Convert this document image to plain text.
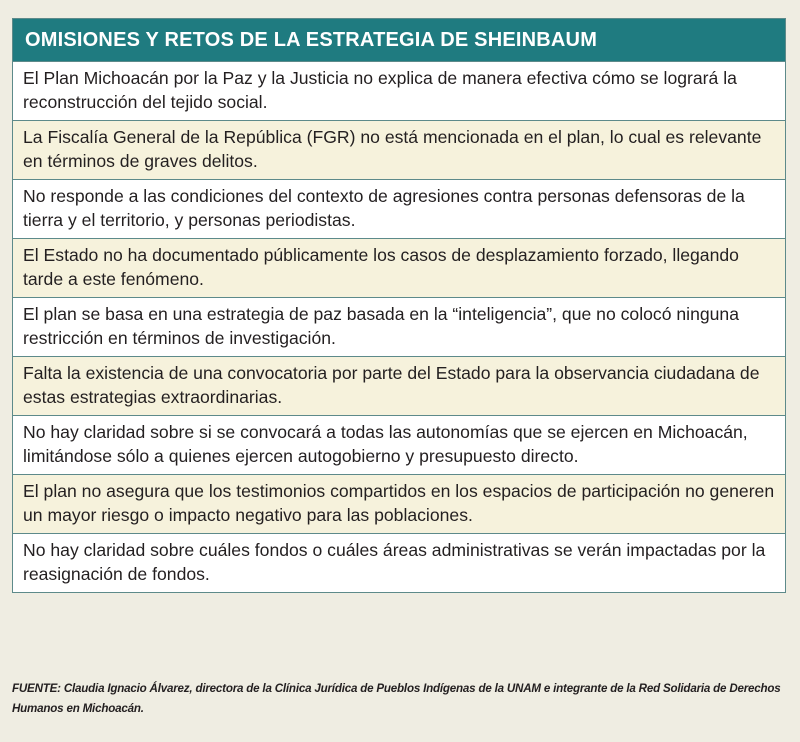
OMISIONES Y RETOS DE LA ESTRATEGIA DE SHEINBAUM
El Plan Michoacán por la Paz y la Justicia no explica de manera efectiva cómo se logrará la reconstrucción del tejido social.
La Fiscalía General de la República (FGR) no está mencionada en el plan, lo cual es relevante en términos de graves delitos.
No responde a las condiciones del contexto de agresiones contra personas defensoras de la tierra y el territorio, y personas periodistas.
El Estado no ha documentado públicamente los casos de desplazamiento forzado, llegando tarde a este fenómeno.
El plan se basa en una estrategia de paz basada en la “inteligencia”, que no colocó ninguna restricción en términos de investigación.
Falta la existencia de una convocatoria por parte del Estado para la observancia ciudadana de estas estrategias extraordinarias.
No hay claridad sobre si se convocará a todas las autonomías que se ejercen en Michoacán, limitándose sólo a quienes ejercen autogobierno y presupuesto directo.
El plan no asegura que los testimonios compartidos en los espacios de participación no generen un mayor riesgo o impacto negativo para las poblaciones.
No hay claridad sobre cuáles fondos o cuáles áreas administrativas se verán impactadas por la reasignación de fondos.
FUENTE: Claudia Ignacio Álvarez, directora de la Clínica Jurídica de Pueblos Indígenas de la UNAM e integrante de la Red Solidaria de Derechos Humanos en Michoacán.
